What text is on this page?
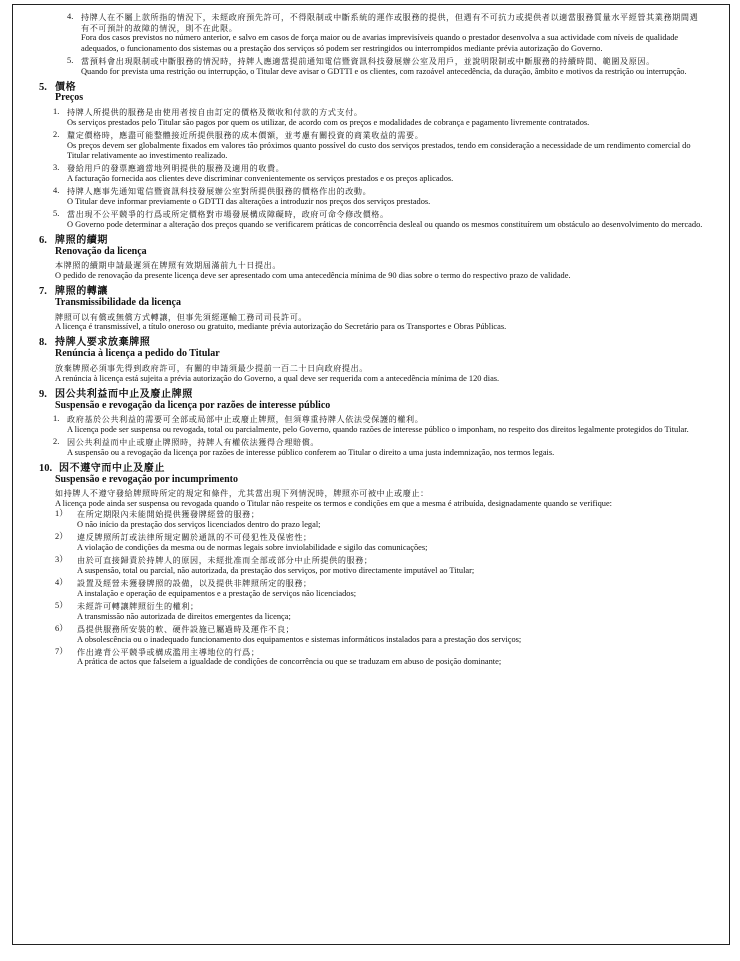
4. 持牌人在不屬上款所指的情況下，未經政府預先許可，不得限制或中斷系統的運作或服務的提供，但遇有不可抗力或提供者以適當服務質量水平經營其業務期間遇有不可預計的故障的情況，則不在此限。
Fora dos casos previstos no número anterior, e salvo em casos de força maior ou de avarias imprevisíveis quando o prestador desenvolva a sua actividade com níveis de qualidade adequados, o funcionamento dos sistemas ou a prestação dos serviços só podem ser restringidos ou interrompidos mediante prévia autorização do Governo.
5. 當預料會出現限制或中斷服務的情況時，持牌人應適當提前通知電信暨資訊科技發展辦公室及用戶，並說明限制或中斷服務的持續時間、範圍及原因。
Quando for prevista uma restrição ou interrupção, o Titular deve avisar o GDTTI e os clientes, com razoável antecedência, da duração, âmbito e motivos da restrição ou interrupção.
5. 價格
Preços
1. 持牌人所提供的服務是由使用者按自由訂定的價格及徵收和付款的方式支付。
Os serviços prestados pelo Titular são pagos por quem os utilizar, de acordo com os preços e modalidades de cobrança e pagamento livremente contratados.
2. 釐定價格時，應盡可能整體接近所提供服務的成本價額，並考慮有關投資的商業收益的需要。
Os preços devem ser globalmente fixados em valores tão próximos quanto possível do custo dos serviços prestados, tendo em consideração a necessidade de um rendimento comercial do Titular relativamente ao investimento realizado.
3. 發給用戶的發票應適當地列明提供的服務及適用的收費。
A facturação fornecida aos clientes deve discriminar convenientemente os serviços prestados e os preços aplicados.
4. 持牌人應事先通知電信暨資訊科技發展辦公室對所提供服務的價格作出的改動。
O Titular deve informar previamente o GDTTI das alterações a introduzir nos preços dos serviços prestados.
5. 當出現不公平競爭的行爲或所定價格對市場發展構成障礙時，政府可命令修改價格。
O Governo pode determinar a alteração dos preços quando se verificarem práticas de concorrência desleal ou quando os mesmos constituírem um obstáculo ao desenvolvimento do mercado.
6. 牌照的續期
Renovação da licença
本牌照的續期申請最遲須在牌照有效期屆滿前九十日提出。
O pedido de renovação da presente licença deve ser apresentado com uma antecedência mínima de 90 dias sobre o termo do respectivo prazo de validade.
7. 牌照的轉讓
Transmissibilidade da licença
牌照可以有償或無償方式轉讓，但事先須經運輸工務司司長許可。
A licença é transmissível, a título oneroso ou gratuito, mediante prévia autorização do Secretário para os Transportes e Obras Públicas.
8. 持牌人要求放棄牌照
Renúncia à licença a pedido do Titular
放棄牌照必須事先得到政府許可，有關的申請須最少提前一百二十日向政府提出。
A renúncia à licença está sujeita a prévia autorização do Governo, a qual deve ser requerida com a antecedência mínima de 120 dias.
9. 因公共利益而中止及廢止牌照
Suspensão e revogação da licença por razões de interesse público
1. 政府基於公共利益的需要可全部或局部中止或廢止牌照，但須尊重持牌人依法受保護的權利。
A licença pode ser suspensa ou revogada, total ou parcialmente, pelo Governo, quando razões de interesse público o imponham, no respeito dos direitos legalmente protegidos do Titular.
2. 因公共利益而中止或廢止牌照時，持牌人有權依法獲得合理賠償。
A suspensão ou a revogação da licença por razões de interesse público conferem ao Titular o direito a uma justa indemnização, nos termos legais.
10. 因不遵守而中止及廢止
Suspensão e revogação por incumprimento
如持牌人不遵守發給牌照時所定的規定和條件，尤其當出現下列情況時，牌照亦可被中止或廢止：
A licença pode ainda ser suspensa ou revogada quando o Titular não respeite os termos e condições em que a mesma é atribuída, designadamente quando se verifique:
1）	在所定期限內未能開始提供獲發牌經營的服務；
O não início da prestação dos serviços licenciados dentro do prazo legal;
2）	違反牌照所訂或法律所規定關於通訊的不可侵犯性及保密性；
A violação de condições da mesma ou de normas legais sobre inviolabilidade e sigilo das comunicações;
3）	由於可直接歸責於持牌人的原因，未經批准而全部或部分中止所提供的服務；
A suspensão, total ou parcial, não autorizada, da prestação dos serviços, por motivo directamente imputável ao Titular;
4）	設置及經營未獲發牌照的設備，以及提供非牌照所定的服務；
A instalação e operação de equipamentos e a prestação de serviços não licenciados;
5）	未經許可轉讓牌照衍生的權利；
A transmissão não autorizada de direitos emergentes da licença;
6）	爲提供服務所安裝的軟、硬件設施已屬過時及運作不良；
A obsolescência ou o inadequado funcionamento dos equipamentos e sistemas informáticos instalados para a prestação dos serviços;
7）	作出違背公平競爭或構成濫用主導地位的行爲；
A prática de actos que falseiem a igualdade de condições de concorrência ou que se traduzam em abuso de posição dominante;
